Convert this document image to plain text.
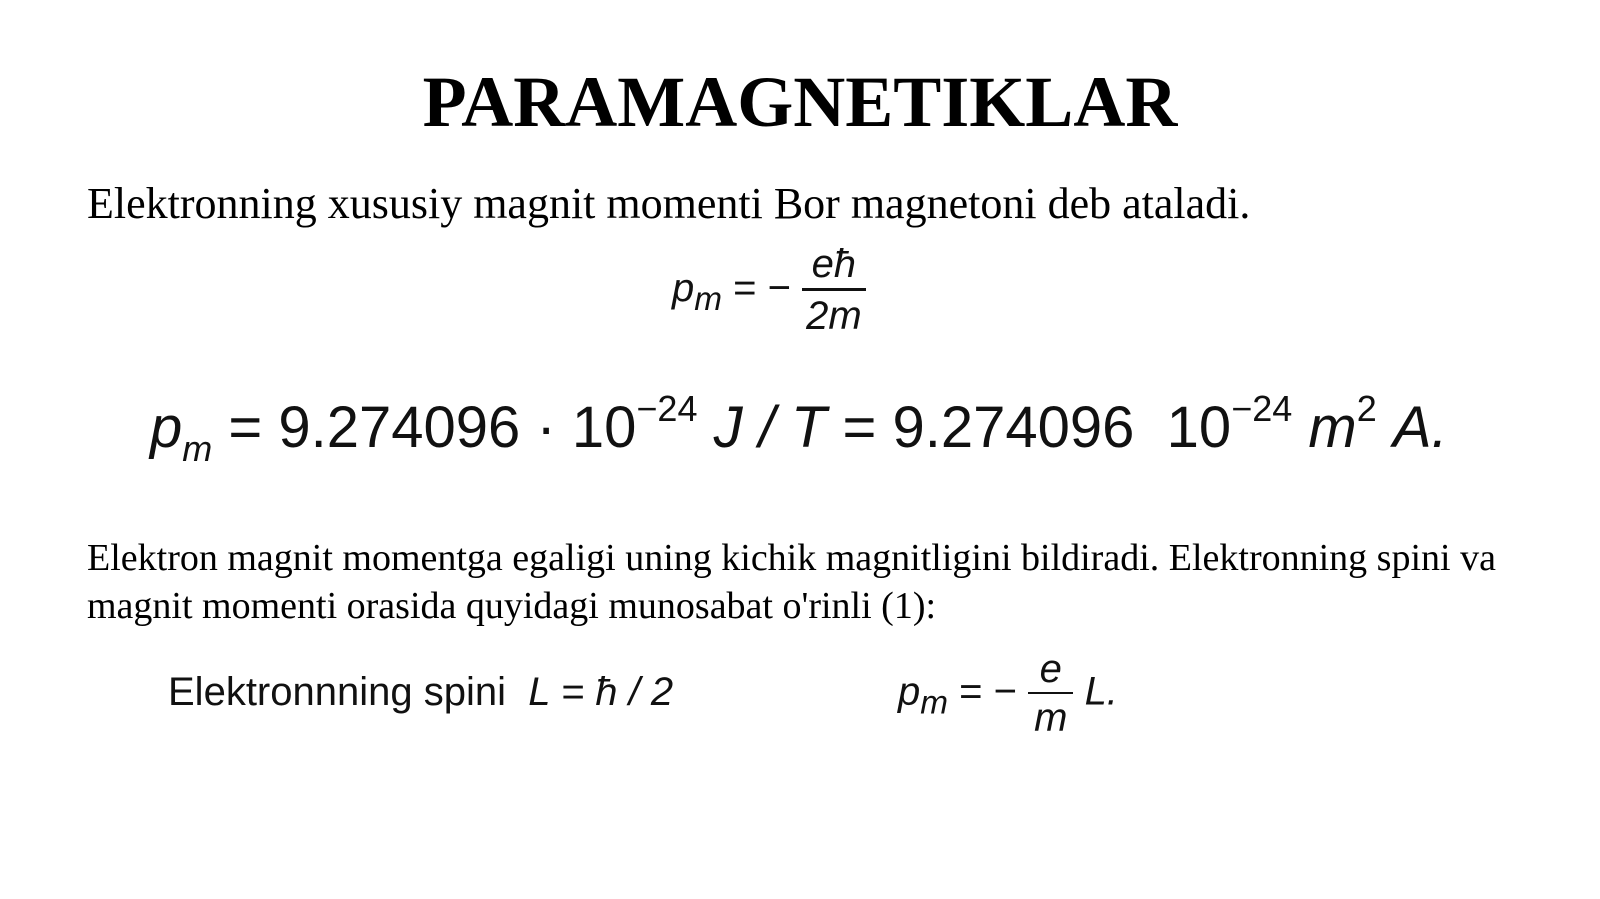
PARAMAGNETIKLAR
Elektronning xususiy magnit momenti Bor magnetoni deb ataladi.
$p_m$ = − $\frac{eħ}{2m}$
$p_m = 9.274096 \cdot 10^{-24}$ J / T = 9.274096 $10^{-24}$ $m^2$ A.
Elektron magnit momentga egaligi uning kichik magnitligini bildiradi. Elektronning spini va magnit momenti orasida quyidagi munosabat o'rinli (1):
Elektronnning spini L = ħ / 2	$p_m$ = − $\frac{e}{m} L$.
